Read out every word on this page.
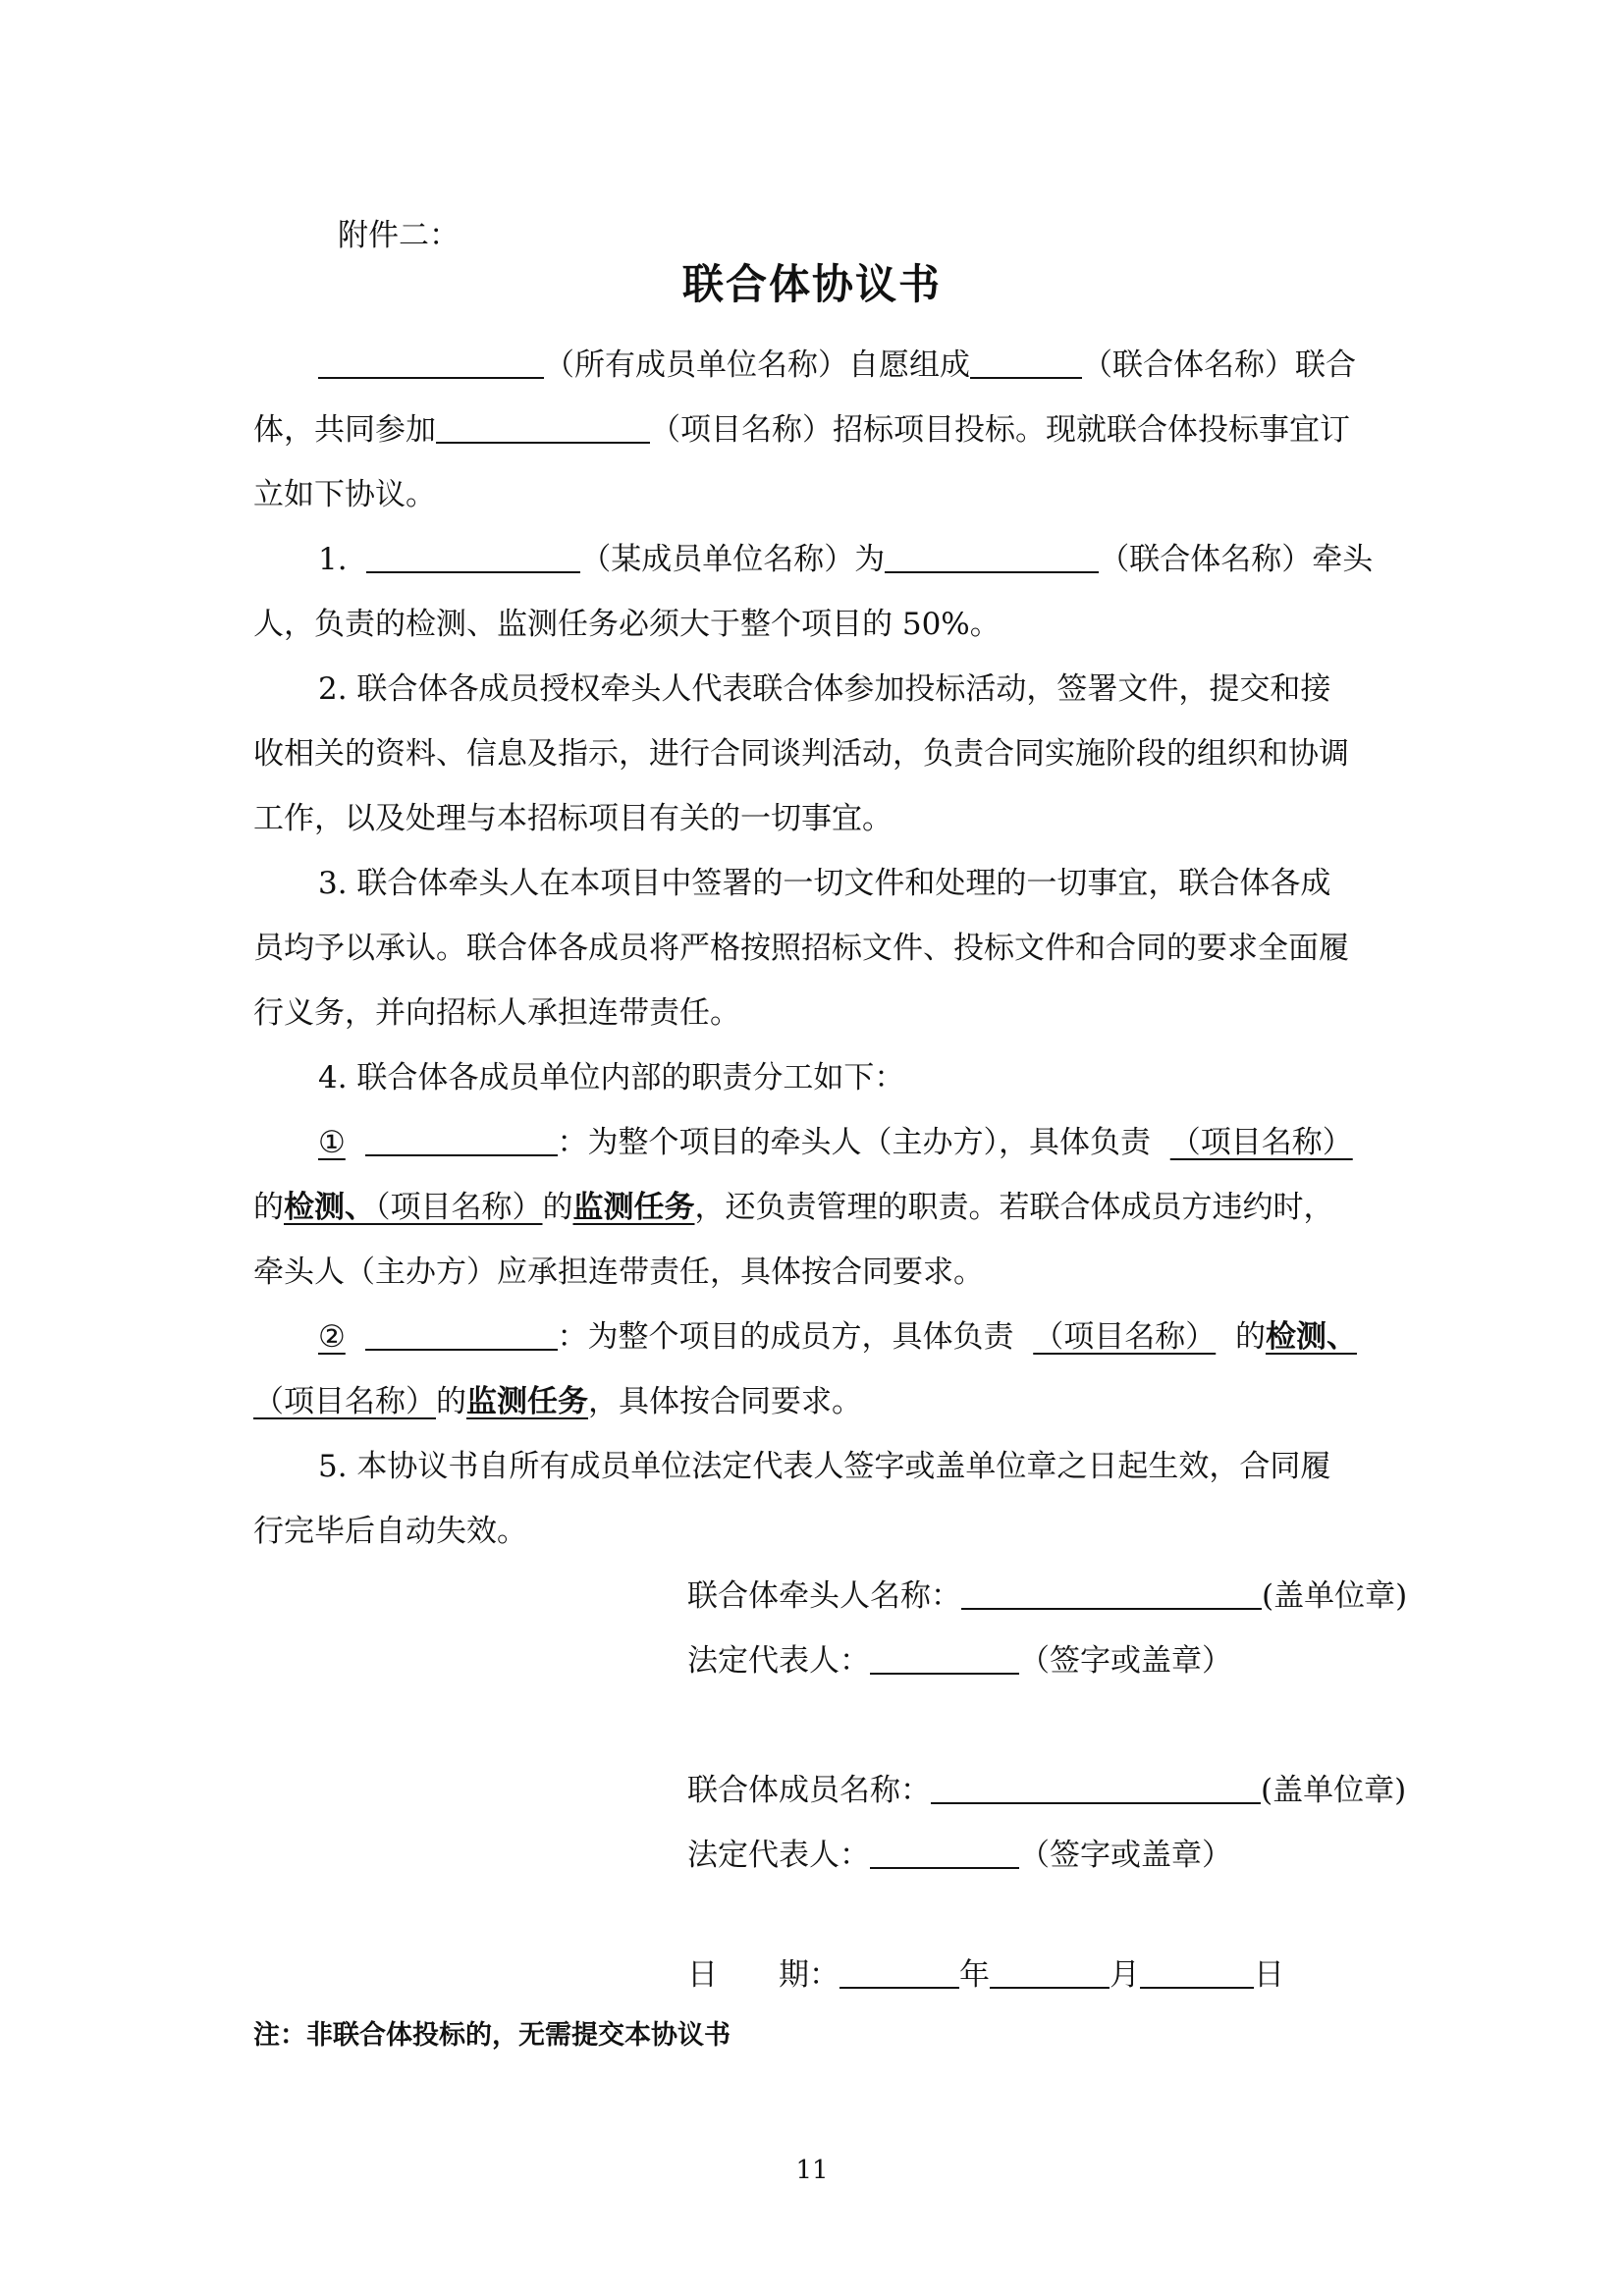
附件二：
联合体协议书
（所有成员单位名称）自愿组成	（联合体名称）联合
体，共同参加	（项目名称）招标项目投标。现就联合体投标事宜订
立如下协议。
1.	（某成员单位名称）为	（联合体名称）牵头
人，负责的检测、监测任务必须大于整个项目的 50%。
2. 联合体各成员授权牵头人代表联合体参加投标活动，签署文件，提交和接
收相关的资料、信息及指示，进行合同谈判活动，负责合同实施阶段的组织和协调
工作，以及处理与本招标项目有关的一切事宜。
3. 联合体牵头人在本项目中签署的一切文件和处理的一切事宜，联合体各成
员均予以承认。联合体各成员将严格按照招标文件、投标文件和合同的要求全面履
行义务，并向招标人承担连带责任。
4. 联合体各成员单位内部的职责分工如下：
①	：为整个项目的牵头人（主办方），具体负责 （项目名称）
的检测、（项目名称）的监测任务，还负责管理的职责。若联合体成员方违约时，
牵头人（主办方）应承担连带责任，具体按合同要求。
②	：为整个项目的成员方，具体负责 （项目名称） 的检测、
（项目名称）的监测任务，具体按合同要求。
5. 本协议书自所有成员单位法定代表人签字或盖单位章之日起生效，合同履
行完毕后自动失效。
联合体牵头人名称：	(盖单位章)
法定代表人：	（签字或盖章）
联合体成员名称：	(盖单位章)
法定代表人：	（签字或盖章）
日　　期：	年	月	日
注：非联合体投标的，无需提交本协议书
11
